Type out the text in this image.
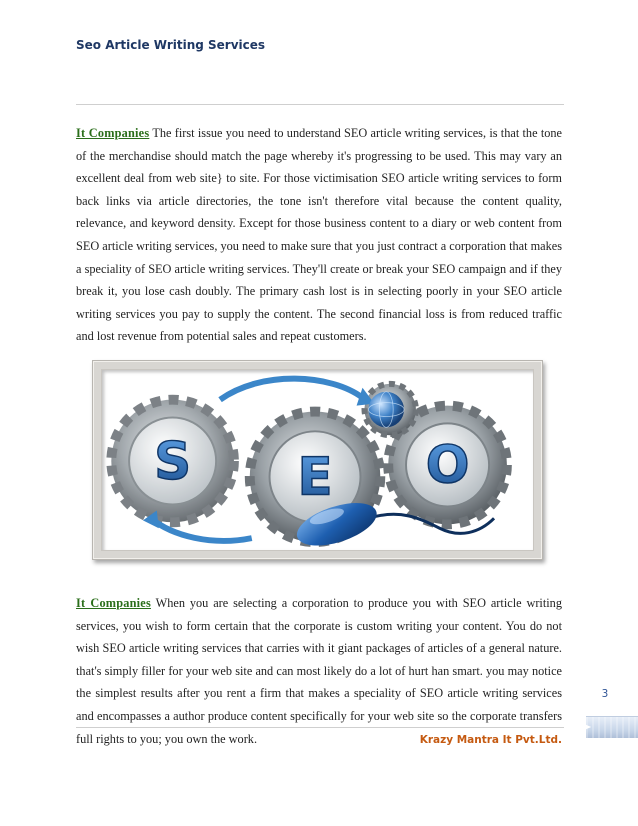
Seo Article Writing Services

It Companies The first issue you need to understand SEO article writing services, is that the tone of the merchandise should match the page whereby it's progressing to be used. This may vary an excellent deal from web site} to site. For those victimisation SEO article writing services to form back links via article directories, the tone isn't therefore vital because the content quality, relevance, and keyword density. Except for those business content to a diary or web content from SEO article writing services, you need to make sure that you just contract a corporation that makes a speciality of SEO article writing services. They'll create or break your SEO campaign and if they break it, you lose cash doubly. The primary cash lost is in selecting poorly in your SEO article writing services you pay to supply the content. The second financial loss is from reduced traffic and lost revenue from potential sales and repeat customers.

S E O

It Companies When you are selecting a corporation to produce you with SEO article writing services, you wish to form certain that the corporate is custom writing your content. You do not wish SEO article writing services that carries with it giant packages of articles of a general nature. that's simply filler for your web site and can most likely do a lot of hurt han smart. you may notice the simplest results after you rent a firm that makes a speciality of SEO article writing services and encompasses a author produce content specifically for your web site so the corporate transfers full rights to you; you own the work.

3
Krazy Mantra It Pvt.Ltd.
